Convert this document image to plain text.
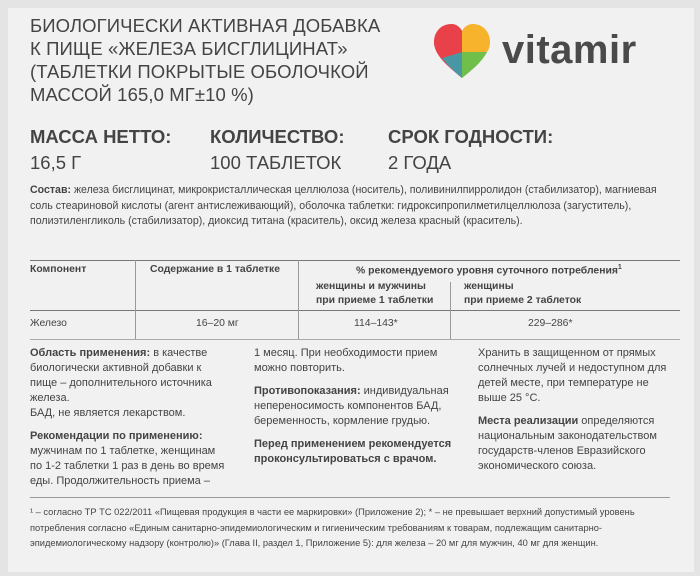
БИОЛОГИЧЕСКИ АКТИВНАЯ ДОБАВКА
К ПИЩЕ «ЖЕЛЕЗА БИСГЛИЦИНАТ»
(ТАБЛЕТКИ ПОКРЫТЫЕ ОБОЛОЧКОЙ
МАССОЙ 165,0 МГ±10 %)
vitamir
МАССА НЕТТО:
16,5 Г
КОЛИЧЕСТВО:
100 ТАБЛЕТОК
СРОК ГОДНОСТИ:
2 ГОДА
Состав: железа бисглицинат, микрокристаллическая целлюлоза (носитель), поливинилпирролидон (стабилизатор), магниевая соль стеариновой кислоты (агент антислеживающий), оболочка таблетки: гидроксипропилметилцеллюлоза (загуститель), полиэтиленгликоль (стабилизатор), диоксид титана (краситель), оксид железа красный (краситель).
Компонент	Содержание в 1 таблетке	% рекомендуемого уровня суточного потребления$^1$
женщины и мужчины
при приеме 1 таблетки
женщины
при приеме 2 таблеток
Железо	16–20 мг	114–143*	229–286*

Область применения: в качестве биологически активной добавки к пище – дополнительного источника железа.
БАД, не является лекарством.

Рекомендации по применению: мужчинам по 1 таблетке, женщинам по 1-2 таблетки 1 раз в день во время еды. Продолжительность приема –

1 месяц. При необходимости прием можно повторить.

Противопоказания: индивидуальная непереносимость компонентов БАД, беременность, кормление грудью.

Перед применением рекомендуется проконсультироваться с врачом.

Хранить в защищенном от прямых солнечных лучей и недоступном для детей месте, при температуре не выше 25 °С.

Места реализации определяются национальным законодательством государств-членов Евразийского экономического союза.

¹ – согласно ТР ТС 022/2011 «Пищевая продукция в части ее маркировки» (Приложение 2); * – не превышает верхний допустимый уровень потребления согласно «Единым санитарно-эпидемиологическим и гигиеническим требованиям к товарам, подлежащим санитарно-эпидемиологическому надзору (контролю)» (Глава II, раздел 1, Приложение 5): для железа – 20 мг для мужчин, 40 мг для женщин.
